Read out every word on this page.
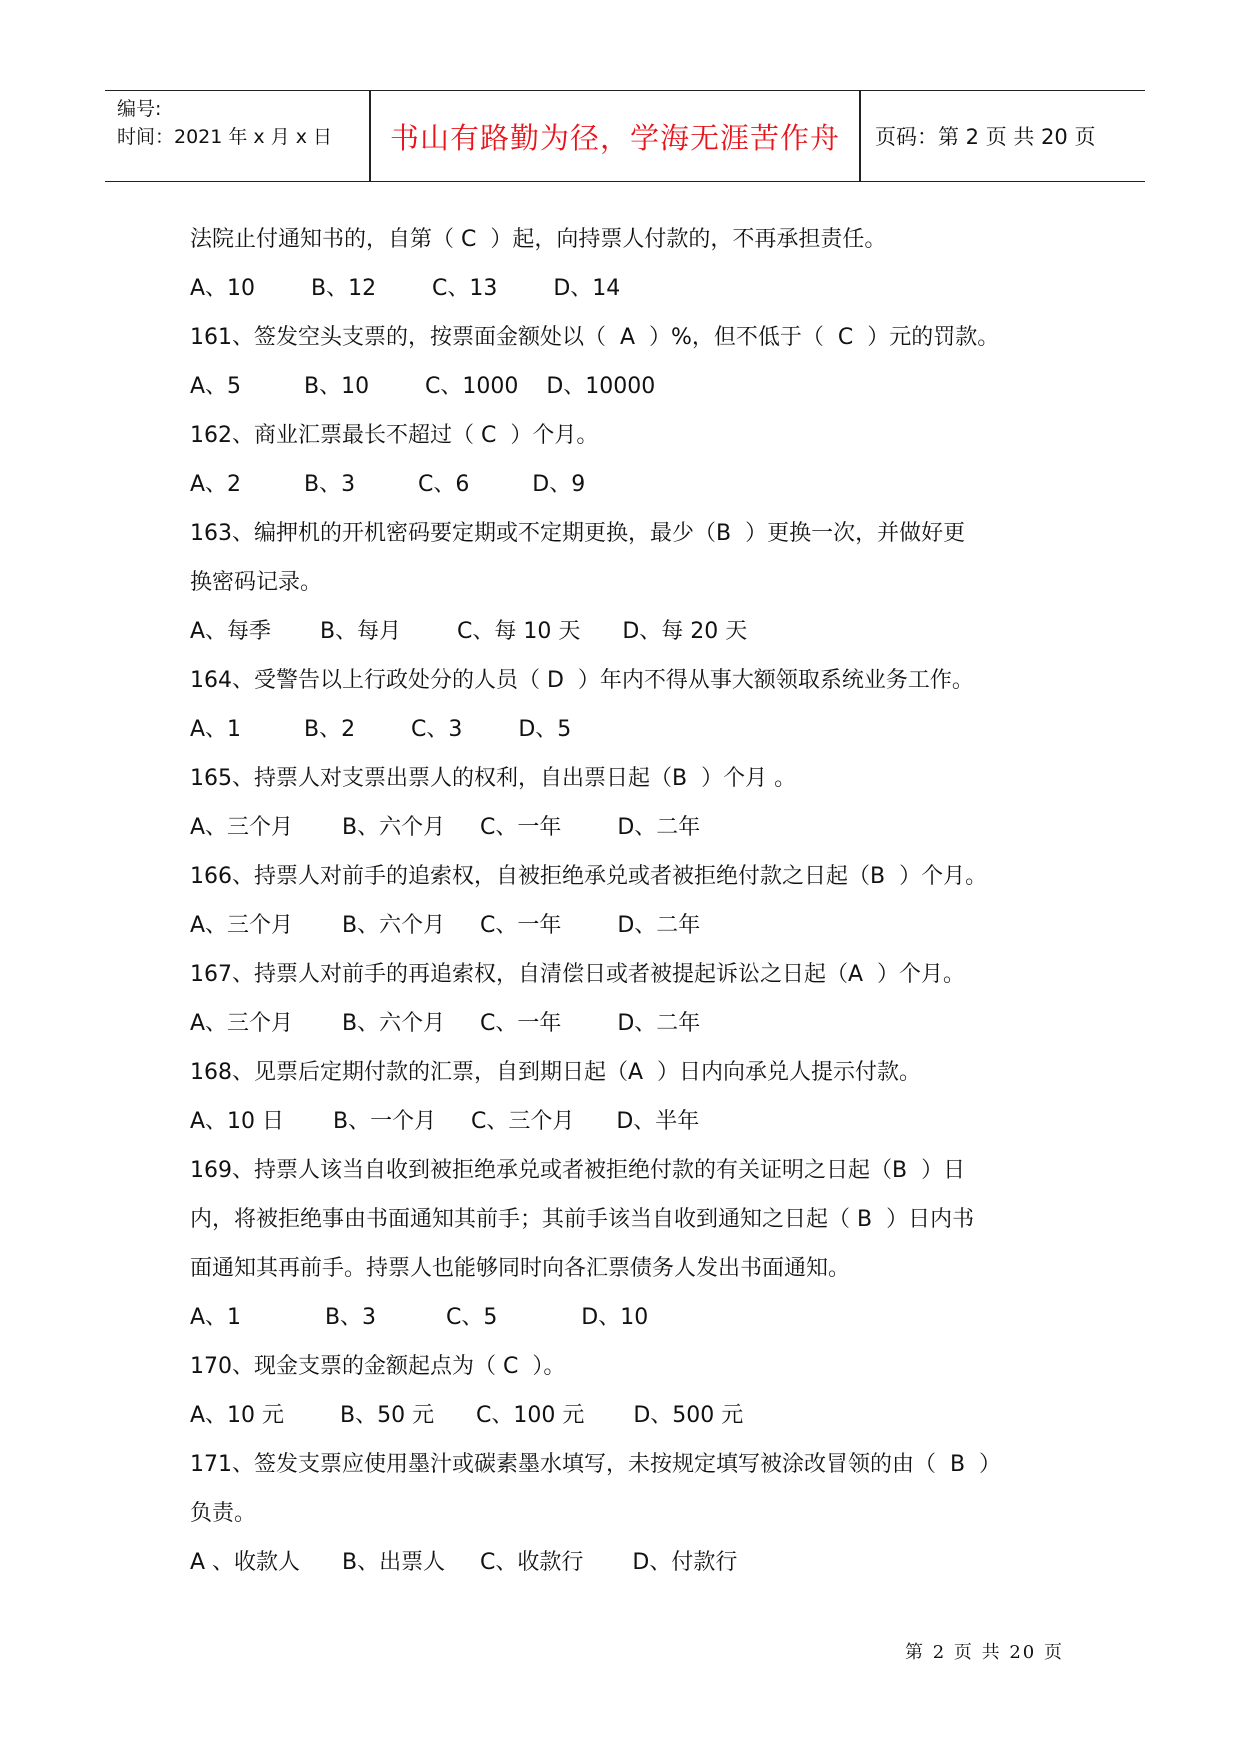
编号:
时间：2021 年 x 月 x 日	书山有路勤为径，学海无涯苦作舟	页码：第 2 页 共 20 页
法院止付通知书的，自第（ C  ）起，向持票人付款的，不再承担责任。
A、10        B、12        C、13        D、14
161、签发空头支票的，按票面金额处以（  A  ）%，但不低于（  C  ）元的罚款。
A、5         B、10        C、1000    D、10000
162、商业汇票最长不超过（ C  ）个月。
A、2         B、3         C、6         D、9
163、编押机的开机密码要定期或不定期更换，最少（B  ）更换一次，并做好更
换密码记录。
A、每季       B、每月        C、每 10 天      D、每 20 天
164、受警告以上行政处分的人员（ D  ）年内不得从事大额领取系统业务工作。
A、1         B、2        C、3        D、5
165、持票人对支票出票人的权利，自出票日起（B  ）个月 。
A、三个月       B、六个月     C、一年        D、二年
166、持票人对前手的追索权，自被拒绝承兑或者被拒绝付款之日起（B  ）个月。
A、三个月       B、六个月     C、一年        D、二年
167、持票人对前手的再追索权，自清偿日或者被提起诉讼之日起（A  ）个月。
A、三个月       B、六个月     C、一年        D、二年
168、见票后定期付款的汇票，自到期日起（A  ）日内向承兑人提示付款。
A、10 日       B、一个月     C、三个月      D、半年
169、持票人该当自收到被拒绝承兑或者被拒绝付款的有关证明之日起（B  ）日
内，将被拒绝事由书面通知其前手；其前手该当自收到通知之日起（ B  ）日内书
面通知其再前手。持票人也能够同时向各汇票债务人发出书面通知。
A、1            B、3          C、5            D、10
170、现金支票的金额起点为（ C  ）。
A、10 元        B、50 元      C、100 元       D、500 元
171、签发支票应使用墨汁或碳素墨水填写，未按规定填写被涂改冒领的由（  B  ）
负责。
A 、收款人      B、出票人     C、收款行       D、付款行
第 2 页 共 20 页
